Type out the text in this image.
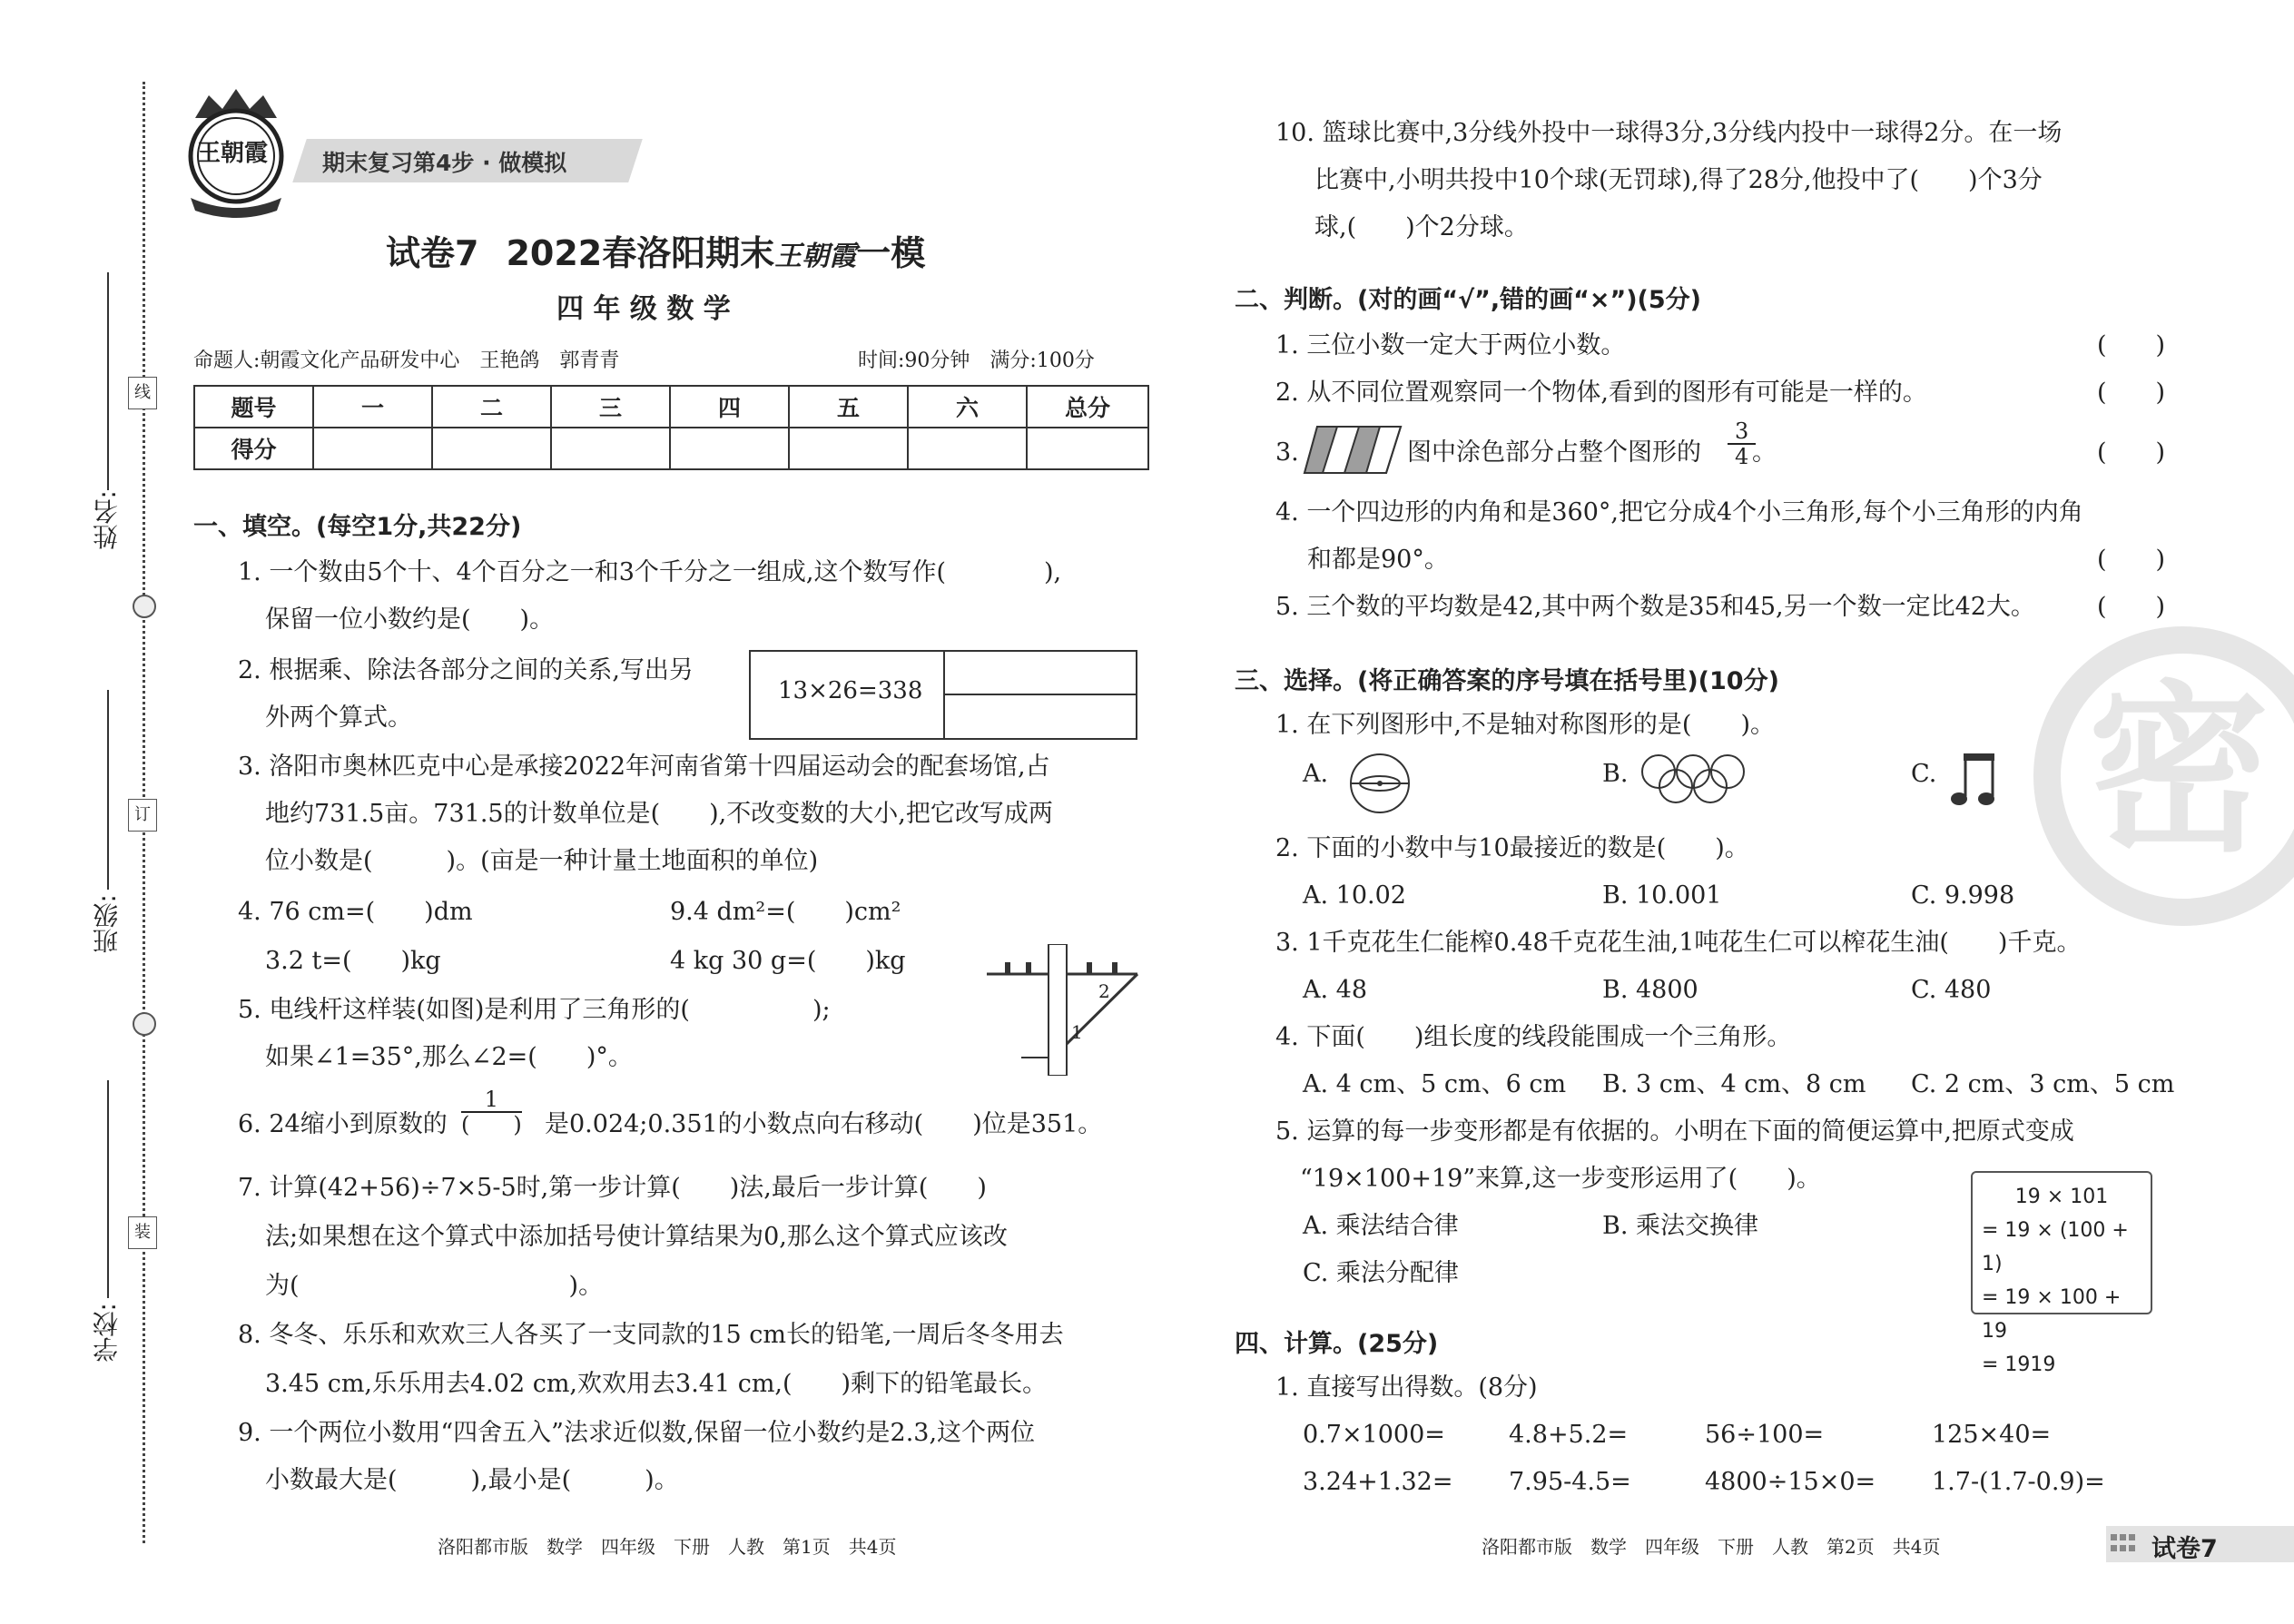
线
订
装
姓名:
班级:
学校:
王朝霞 期末复习第4步 · 做模拟
试卷7 2022春洛阳期末王朝霞一模
四 年 级 数 学
命题人:朝霞文化产品研发中心　王艳鸽　郭青青	时间:90分钟　满分:100分
题号	一	二	三	四	五	六	总分
得分							
一、填空。(每空1分,共22分)
1. 一个数由5个十、4个百分之一和3个千分之一组成,这个数写作(　　　　),
保留一位小数约是(　　)。
2. 根据乘、除法各部分之间的关系,写出另
外两个算式。
13×26=338
3. 洛阳市奥林匹克中心是承接2022年河南省第十四届运动会的配套场馆,占
地约731.5亩。731.5的计数单位是(　　),不改变数的大小,把它改写成两
位小数是(　　　)。(亩是一种计量土地面积的单位)
4. 76 cm=(　　)dm	9.4 dm²=(　　)cm²
3.2 t=(　　)kg	4 kg 30 g=(　　)kg
5. 电线杆这样装(如图)是利用了三角形的(　　　　　);
如果∠1=35°,那么∠2=(　　)°。
2
1
6. 24缩小到原数的
1
(　　) 是0.024;0.351的小数点向右移动(　　)位是351。
7. 计算(42+56)÷7×5-5时,第一步计算(　　)法,最后一步计算(　　)
法;如果想在这个算式中添加括号使计算结果为0,那么这个算式应该改
为(　　　　　　　　　　　)。
8. 冬冬、乐乐和欢欢三人各买了一支同款的15 cm长的铅笔,一周后冬冬用去
3.45 cm,乐乐用去4.02 cm,欢欢用去3.41 cm,(　　)剩下的铅笔最长。
9. 一个两位小数用“四舍五入”法求近似数,保留一位小数约是2.3,这个两位
小数最大是(　　　),最小是(　　　)。
洛阳都市版　数学　四年级　下册　人教　第1页　共4页
10. 篮球比赛中,3分线外投中一球得3分,3分线内投中一球得2分。在一场
比赛中,小明共投中10个球(无罚球),得了28分,他投中了(　　)个3分
球,(　　)个2分球。
二、判断。(对的画“√”,错的画“×”)(5分)
1. 三位小数一定大于两位小数。	(　　)
2. 从不同位置观察同一个物体,看到的图形有可能是一样的。	(　　)
3.	图中涂色部分占整个图形的 $\frac{3}{4}$
。	(　　)
4. 一个四边形的内角和是360°,把它分成4个小三角形,每个小三角形的内角
和都是90°。	(　　)
5. 三个数的平均数是42,其中两个数是35和45,另一个数一定比42大。	(　　)
三、选择。(将正确答案的序号填在括号里)(10分)
1. 在下列图形中,不是轴对称图形的是(　　)。
A.	B.	C.
2. 下面的小数中与10最接近的数是(　　)。
A. 10.02	B. 10.001	C. 9.998
3. 1千克花生仁能榨0.48千克花生油,1吨花生仁可以榨花生油(　　)千克。
A. 48	B. 4800	C. 480
4. 下面(　　)组长度的线段能围成一个三角形。
A. 4 cm、5 cm、6 cm B. 3 cm、4 cm、8 cm C. 2 cm、3 cm、5 cm
5. 运算的每一步变形都是有依据的。小明在下面的简便运算中,把原式变成
“19×100+19”来算,这一步变形运用了(　　)。
A. 乘法结合律	B. 乘法交换律
C. 乘法分配律
19 × 101
= 19 × (100 + 1)
= 19 × 100 + 19
= 1919
四、计算。(25分)
1. 直接写出得数。(8分)
0.7×1000=	4.8+5.2=	56÷100=	125×40=
3.24+1.32= 7.95-4.5=	4800÷15×0= 1.7-(1.7-0.9)=
洛阳都市版　数学　四年级　下册　人教　第2页　共4页	试卷7
密
